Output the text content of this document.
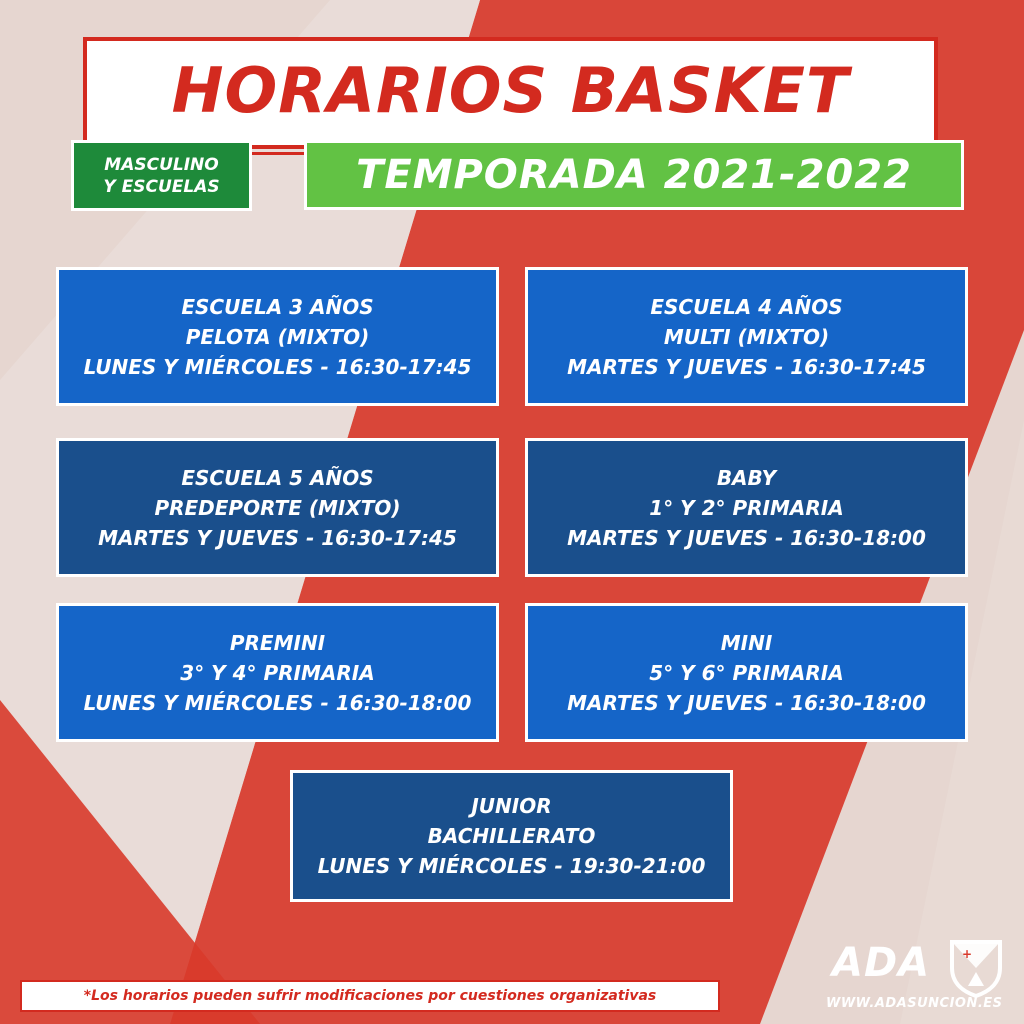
HORARIOS BASKET
MASCULINO
Y ESCUELAS	TEMPORADA 2021-2022
ESCUELA 3 AÑOS
PELOTA (MIXTO)
LUNES Y MIÉRCOLES - 16:30-17:45
ESCUELA 4 AÑOS
MULTI (MIXTO)
MARTES Y JUEVES - 16:30-17:45
ESCUELA 5 AÑOS
PREDEPORTE (MIXTO)
MARTES Y JUEVES - 16:30-17:45
BABY
1° Y 2° PRIMARIA
MARTES Y JUEVES - 16:30-18:00
PREMINI
3° Y 4° PRIMARIA
LUNES Y MIÉRCOLES - 16:30-18:00
MINI
5° Y 6° PRIMARIA
MARTES Y JUEVES - 16:30-18:00
JUNIOR
BACHILLERATO
LUNES Y MIÉRCOLES - 19:30-21:00
*Los horarios pueden sufrir modificaciones por cuestiones organizativas
ADA	+
WWW.ADASUNCION.ES
